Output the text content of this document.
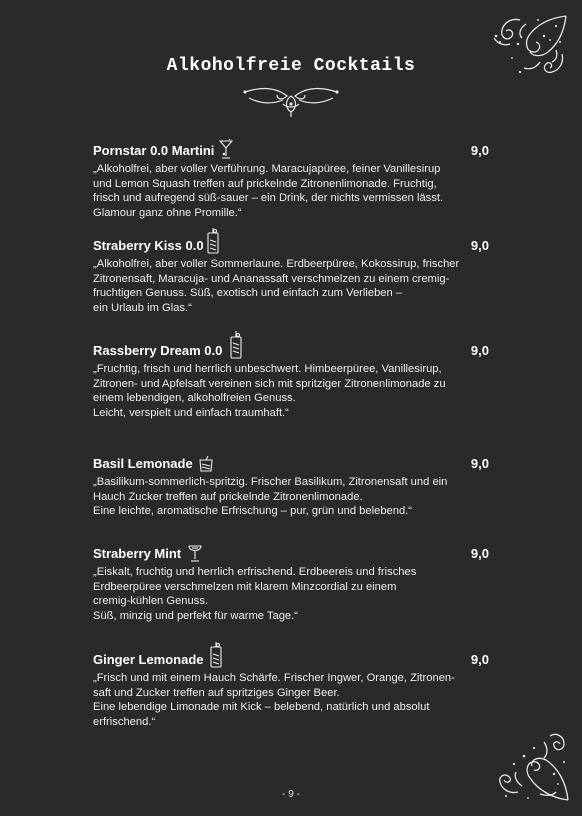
Alkoholfreie Cocktails
Pornstar 0.0 Martini	9,0
„Alkoholfrei, aber voller Verführung. Maracujapüree, feiner Vanillesirup
und Lemon Squash treffen auf prickelnde Zitronenlimonade. Fruchtig,
frisch und aufregend süß-sauer – ein Drink, der nichts vermissen lässt.
Glamour ganz ohne Promille.“
Straberry Kiss 0.0	9,0
„Alkoholfrei, aber voller Sommerlaune. Erdbeerpüree, Kokossirup, frischer
Zitronensaft, Maracuja- und Ananassaft verschmelzen zu einem cremig-
fruchtigen Genuss. Süß, exotisch und einfach zum Verlieben –
ein Urlaub im Glas.“
Rassberry Dream 0.0	9,0
„Fruchtig, frisch und herrlich unbeschwert. Himbeerpüree, Vanillesirup,
Zitronen- und Apfelsaft vereinen sich mit spritziger Zitronenlimonade zu
einem lebendigen, alkoholfreien Genuss.
Leicht, verspielt und einfach traumhaft.“
Basil Lemonade	9,0
„Basilikum-sommerlich-spritzig. Frischer Basilikum, Zitronensaft und ein
Hauch Zucker treffen auf prickelnde Zitronenlimonade.
Eine leichte, aromatische Erfrischung – pur, grün und belebend.“
Straberry Mint	9,0
„Eiskalt, fruchtig und herrlich erfrischend. Erdbeereis und frisches
Erdbeerpüree verschmelzen mit klarem Minzcordial zu einem
cremig-kühlen Genuss.
Süß, minzig und perfekt für warme Tage.“
Ginger Lemonade	9,0
„Frisch und mit einem Hauch Schärfe. Frischer Ingwer, Orange, Zitronen-
saft und Zucker treffen auf spritziges Ginger Beer.
Eine lebendige Limonade mit Kick – belebend, natürlich und absolut
erfrischend.“
- 9 -
